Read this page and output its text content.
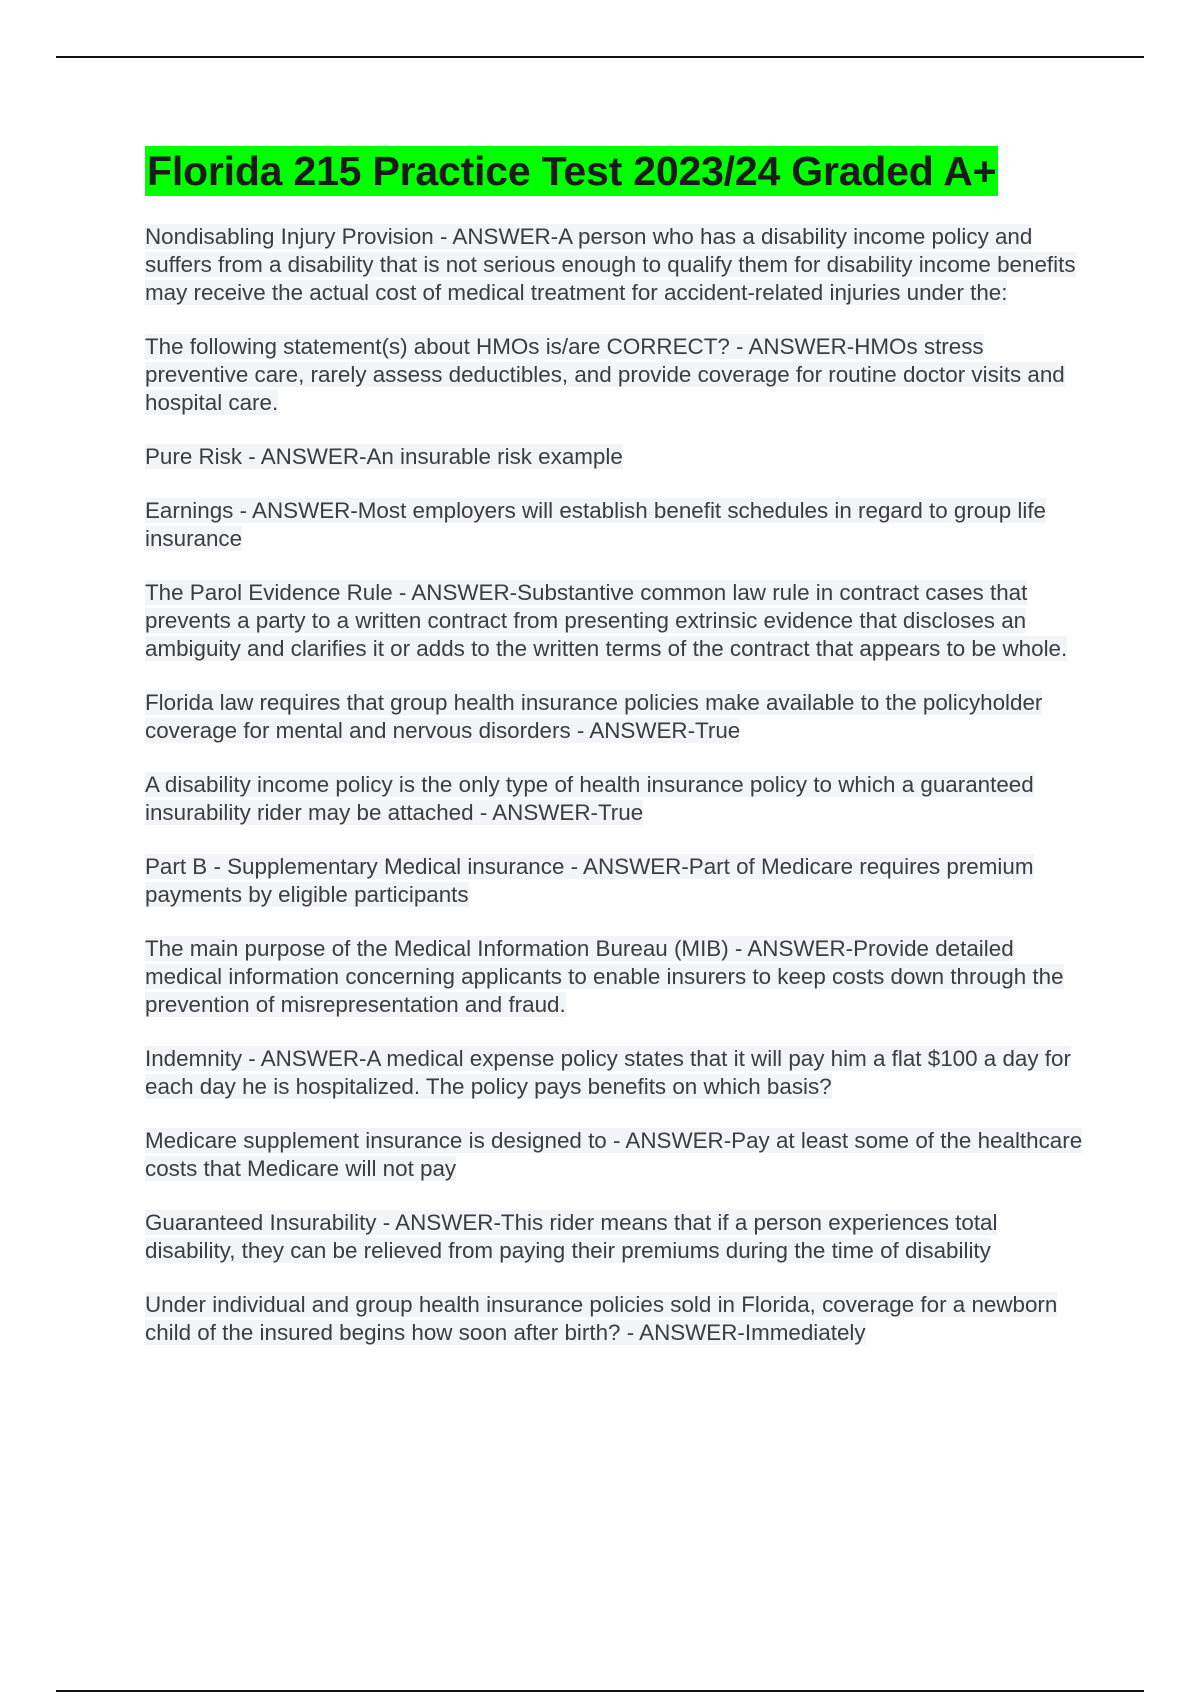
Florida 215 Practice Test 2023/24 Graded A+

Nondisabling Injury Provision - ANSWER-A person who has a disability income policy and suffers from a disability that is not serious enough to qualify them for disability income benefits may receive the actual cost of medical treatment for accident-related injuries under the:

The following statement(s) about HMOs is/are CORRECT? - ANSWER-HMOs stress preventive care, rarely assess deductibles, and provide coverage for routine doctor visits and hospital care.

Pure Risk - ANSWER-An insurable risk example

Earnings - ANSWER-Most employers will establish benefit schedules in regard to group life insurance

The Parol Evidence Rule - ANSWER-Substantive common law rule in contract cases that prevents a party to a written contract from presenting extrinsic evidence that discloses an ambiguity and clarifies it or adds to the written terms of the contract that appears to be whole.

Florida law requires that group health insurance policies make available to the policyholder coverage for mental and nervous disorders - ANSWER-True

A disability income policy is the only type of health insurance policy to which a guaranteed insurability rider may be attached - ANSWER-True

Part B - Supplementary Medical insurance - ANSWER-Part of Medicare requires premium payments by eligible participants

The main purpose of the Medical Information Bureau (MIB) - ANSWER-Provide detailed medical information concerning applicants to enable insurers to keep costs down through the prevention of misrepresentation and fraud.

Indemnity - ANSWER-A medical expense policy states that it will pay him a flat $100 a day for each day he is hospitalized. The policy pays benefits on which basis?

Medicare supplement insurance is designed to - ANSWER-Pay at least some of the healthcare costs that Medicare will not pay

Guaranteed Insurability - ANSWER-This rider means that if a person experiences total disability, they can be relieved from paying their premiums during the time of disability

Under individual and group health insurance policies sold in Florida, coverage for a newborn child of the insured begins how soon after birth? - ANSWER-Immediately
